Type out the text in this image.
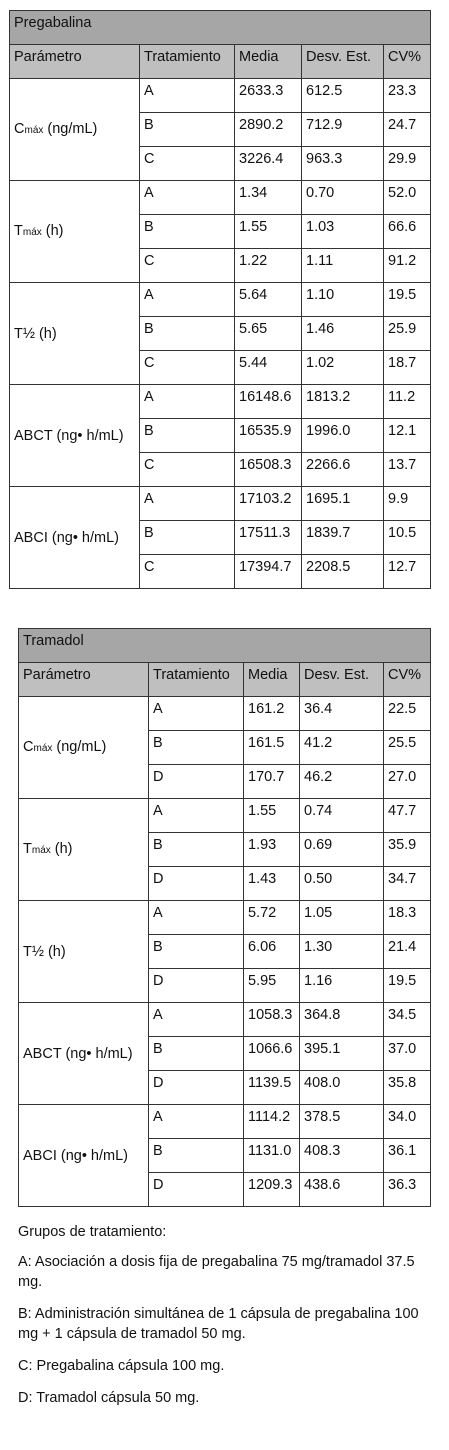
Pregabalina				
Parámetro	Tratamiento	Media	Desv. Est.	CV%
Cmáx (ng/mL)	A	2633.3	612.5	23.3
	B	2890.2	712.9	24.7
	C	3226.4	963.3	29.9
Tmáx (h)	A	1.34	0.70	52.0
	B	1.55	1.03	66.6
	C	1.22	1.11	91.2
T½ (h)	A	5.64	1.10	19.5
	B	5.65	1.46	25.9
	C	5.44	1.02	18.7
ABCT (ng• h/mL)	A	16148.6	1813.2	11.2
	B	16535.9	1996.0	12.1
	C	16508.3	2266.6	13.7
ABCI (ng• h/mL)	A	17103.2	1695.1	9.9
	B	17511.3	1839.7	10.5
	C	17394.7	2208.5	12.7
Tramadol				
Parámetro	Tratamiento	Media	Desv. Est.	CV%
Cmáx (ng/mL)	A	161.2	36.4	22.5
	B	161.5	41.2	25.5
	D	170.7	46.2	27.0
Tmáx (h)	A	1.55	0.74	47.7
	B	1.93	0.69	35.9
	D	1.43	0.50	34.7
T½ (h)	A	5.72	1.05	18.3
	B	6.06	1.30	21.4
	D	5.95	1.16	19.5
ABCT (ng• h/mL)	A	1058.3	364.8	34.5
	B	1066.6	395.1	37.0
	D	1139.5	408.0	35.8
ABCI (ng• h/mL)	A	1114.2	378.5	34.0
	B	1131.0	408.3	36.1
	D	1209.3	438.6	36.3

Grupos de tratamiento:

A: Asociación a dosis fija de pregabalina 75 mg/tramadol 37.5 mg.

B: Administración simultánea de 1 cápsula de pregabalina 100 mg + 1 cápsula de tramadol 50 mg.

C: Pregabalina cápsula 100 mg.

D: Tramadol cápsula 50 mg.
